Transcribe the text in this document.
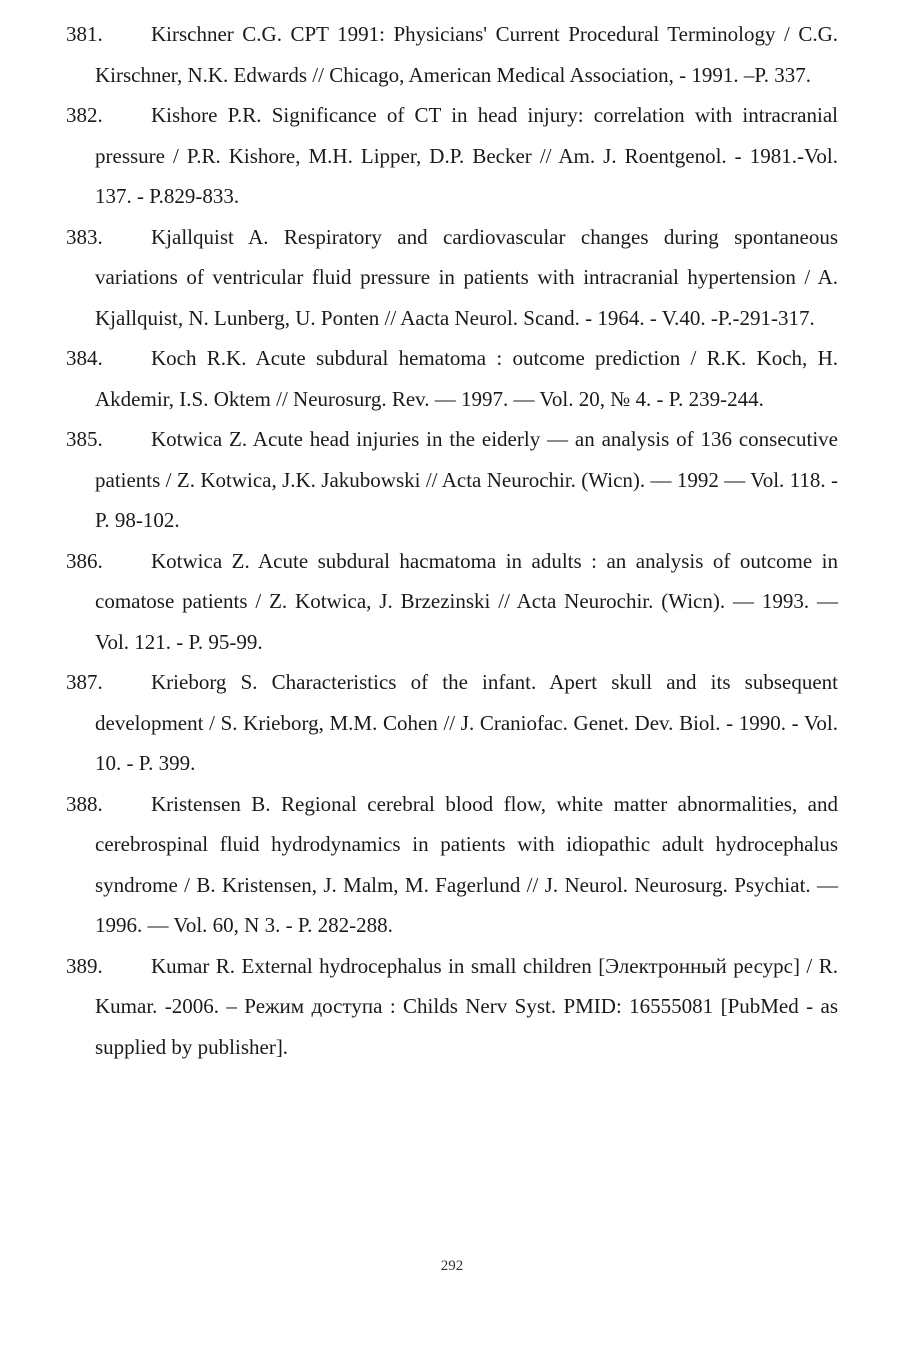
381. Kirschner C.G. CPT 1991: Physicians' Current Procedural Terminology / C.G. Kirschner, N.K. Edwards // Chicago, American Medical Association, - 1991. –P. 337.

382. Kishore P.R. Significance of CT in head injury: correlation with intracranial pressure / P.R. Kishore, M.H. Lipper, D.P. Becker // Am. J. Roentgenol. - 1981.-Vol. 137. - P.829-833.

383. Kjallquist A. Respiratory and cardiovascular changes during spontaneous variations of ventricular fluid pressure in patients with intracranial hypertension / A. Kjallquist, N. Lunberg, U. Ponten // Aacta Neurol. Scand. - 1964. - V.40. -P.-291-317.

384. Koch R.K. Acute subdural hematoma : outcome prediction / R.K. Koch, H. Akdemir, I.S. Oktem // Neurosurg. Rev. — 1997. — Vol. 20, № 4. - P. 239-244.

385. Kotwica Z. Acute head injuries in the eiderly — an analysis of 136 consecutive patients / Z. Kotwica, J.K. Jakubowski // Acta Neurochir. (Wicn). — 1992 — Vol. 118. - P. 98-102.

386. Kotwica Z. Acute subdural hacmatoma in adults : an analysis of outcome in comatose patients / Z. Kotwica, J. Brzezinski // Acta Neurochir. (Wicn). — 1993. — Vol. 121. - P. 95-99.

387. Krieborg S. Characteristics of the infant. Apert skull and its subsequent development / S. Krieborg, M.M. Cohen // J. Craniofac. Genet. Dev. Biol. - 1990. - Vol. 10. - P. 399.

388. Kristensen B. Regional cerebral blood flow, white matter abnormalities, and cerebrospinal fluid hydrodynamics in patients with idiopathic adult hydrocephalus syndrome / B. Kristensen, J. Malm, M. Fagerlund // J. Neurol. Neurosurg. Psychiat. — 1996. — Vol. 60, N 3. - P. 282-288.

389. Kumar R. External hydrocephalus in small children [Электронный ресурс] / R. Kumar. -2006. – Режим доступа : Childs Nerv Syst. PMID: 16555081 [PubMed - as supplied by publisher].

292
